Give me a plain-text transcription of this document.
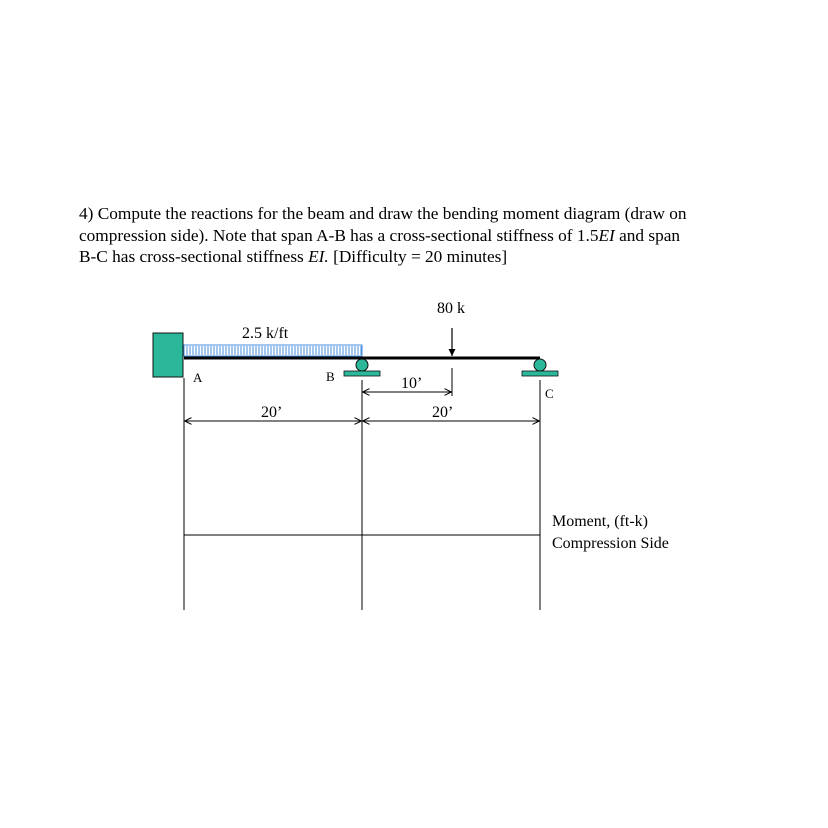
4) Compute the reactions for the beam and draw the bending moment diagram (draw on
compression side). Note that span A-B has a cross-sectional stiffness of 1.5EI and span
B-C has cross-sectional stiffness EI. [Difficulty = 20 minutes]

2.5 k/ft
80 k
A	B
C
10’
20’	20’
Moment, (ft-k)
Compression Side
